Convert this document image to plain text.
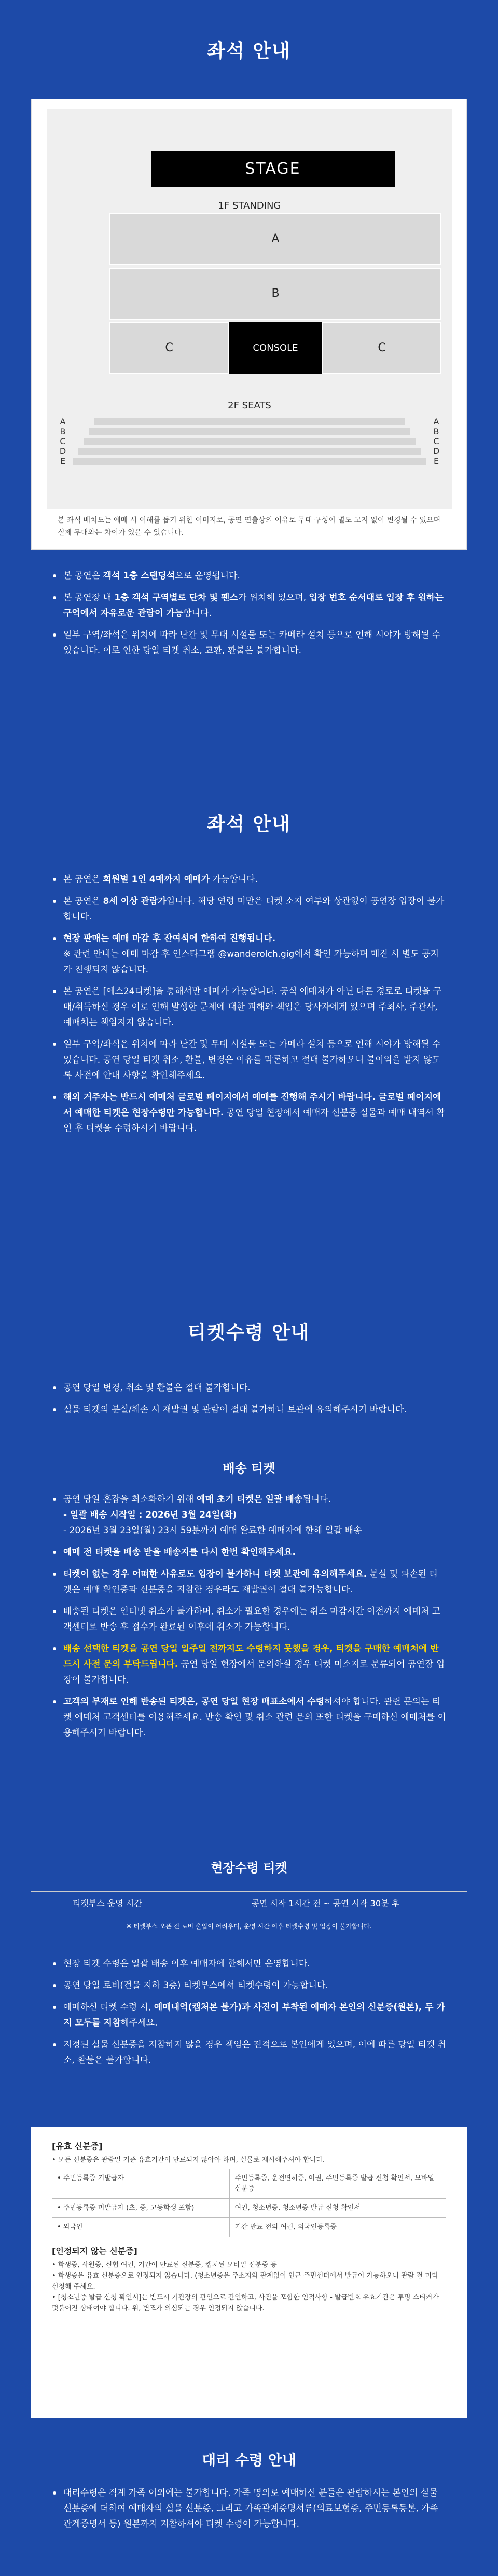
좌석 안내
STAGE
1F STANDING
A
B
C	CONSOLE	C
2F SEATS
A
B
C
D
E
A
B
C
D
E
본 좌석 배치도는 예매 시 이해를 돕기 위한 이미지로, 공연 연출상의 이유로 무대 구성이 별도 고지 없이 변경될 수 있으며 실제 무대와는 차이가 있을 수 있습니다.
본 공연은 객석 1층 스탠딩석으로 운영됩니다.
본 공연장 내 1층 객석 구역별로 단차 및 펜스가 위치해 있으며, 입장 번호 순서대로 입장 후 원하는 구역에서 자유로운 관람이 가능합니다.
일부 구역/좌석은 위치에 따라 난간 및 무대 시설물 또는 카메라 설치 등으로 인해 시야가 방해될 수 있습니다. 이로 인한 당일 티켓 취소, 교환, 환불은 불가합니다.
좌석 안내
본 공연은 회원별 1인 4매까지 예매가 가능합니다.
본 공연은 8세 이상 관람가입니다. 해당 연령 미만은 티켓 소지 여부와 상관없이 공연장 입장이 불가합니다.
현장 판매는 예매 마감 후 잔여석에 한하여 진행됩니다.
※ 관련 안내는 예매 마감 후 인스타그램 @wanderolch.gig에서 확인 가능하며 매진 시 별도 공지가 진행되지 않습니다.
본 공연은 [예스24티켓]을 통해서만 예매가 가능합니다. 공식 예매처가 아닌 다른 경로로 티켓을 구매/취득하신 경우 이로 인해 발생한 문제에 대한 피해와 책임은 당사자에게 있으며 주최사, 주관사, 예매처는 책임지지 않습니다.
일부 구역/좌석은 위치에 따라 난간 및 무대 시설물 또는 카메라 설치 등으로 인해 시야가 방해될 수 있습니다. 공연 당일 티켓 취소, 환불, 변경은 이유를 막론하고 절대 불가하오니 불이익을 받지 않도록 사전에 안내 사항을 확인해주세요.
해외 거주자는 반드시 예매처 글로벌 페이지에서 예매를 진행해 주시기 바랍니다. 글로벌 페이지에서 예매한 티켓은 현장수령만 가능합니다. 공연 당일 현장에서 예매자 신분증 실물과 예매 내역서 확인 후 티켓을 수령하시기 바랍니다.
티켓수령 안내
공연 당일 변경, 취소 및 환불은 절대 불가합니다.
실물 티켓의 분실/훼손 시 재발권 및 관람이 절대 불가하니 보관에 유의해주시기 바랍니다.
배송 티켓
공연 당일 혼잡을 최소화하기 위해 예매 초기 티켓은 일괄 배송됩니다.
- 일괄 배송 시작일 : 2026년 3월 24일(화)
- 2026년 3월 23일(월) 23시 59분까지 예매 완료한 예매자에 한해 일괄 배송
예매 전 티켓을 배송 받을 배송지를 다시 한번 확인해주세요.
티켓이 없는 경우 어떠한 사유로도 입장이 불가하니 티켓 보관에 유의해주세요. 분실 및 파손된 티켓은 예매 확인증과 신분증을 지참한 경우라도 재발권이 절대 불가능합니다.
배송된 티켓은 인터넷 취소가 불가하며, 취소가 필요한 경우에는 취소 마감시간 이전까지 예매처 고객센터로 반송 후 접수가 완료된 이후에 취소가 가능합니다.
배송 선택한 티켓을 공연 당일 일주일 전까지도 수령하지 못했을 경우, 티켓을 구매한 예매처에 반드시 사전 문의 부탁드립니다. 공연 당일 현장에서 문의하실 경우 티켓 미소지로 분류되어 공연장 입장이 불가합니다.
고객의 부재로 인해 반송된 티켓은, 공연 당일 현장 매표소에서 수령하셔야 합니다. 관련 문의는 티켓 예매처 고객센터를 이용해주세요. 반송 확인 및 취소 관련 문의 또한 티켓을 구매하신 예매처를 이용해주시기 바랍니다.
현장수령 티켓
티켓부스 운영 시간	공연 시작 1시간 전 ~ 공연 시작 30분 후
※ 티켓부스 오픈 전 로비 출입이 어려우며, 운영 시간 이후 티켓수령 및 입장이 불가합니다.
현장 티켓 수령은 일괄 배송 이후 예매자에 한해서만 운영합니다.
공연 당일 로비(건물 지하 3층) 티켓부스에서 티켓수령이 가능합니다.
예매하신 티켓 수령 시, 예매내역(캡처본 불가)과 사진이 부착된 예매자 본인의 신분증(원본), 두 가지 모두를 지참해주세요.
지정된 실물 신분증을 지참하지 않을 경우 책임은 전적으로 본인에게 있으며, 이에 따른 당일 티켓 취소, 환불은 불가합니다.
[유효 신분증]

• 모든 신분증은 관람일 기준 유효기간이 만료되지 않아야 하며, 실물로 제시해주셔야 합니다.

• 주민등록증 기발급자	주민등록증, 운전면허증, 여권, 주민등록증 발급 신청 확인서, 모바일 신분증
• 주민등록증 미발급자 (초, 중, 고등학생 포함)	여권, 청소년증, 청소년증 발급 신청 확인서
• 외국인	기간 만료 전의 여권, 외국인등록증
[인정되지 않는 신분증]

• 학생증, 사원증, 신협 여권, 기간이 만료된 신분증, 캡처된 모바일 신분증 등

• 학생증은 유효 신분증으로 인정되지 않습니다. (청소년증은 주소지와 관계없이 인근 주민센터에서 발급이 가능하오니 관람 전 미리 신청해 주세요.

• [청소년증 발급 신청 확인서]는 반드시 기관장의 관인으로 간인하고, 사진을 포함한 인적사항 - 발급번호 유효기간은 투명 스티커가 덧붙어진 상태여야 합니다. 위, 변조가 의심되는 경우 인정되지 않습니다.

대리 수령 안내
대리수령은 직계 가족 이외에는 불가합니다. 가족 명의로 예매하신 분들은 관람하시는 본인의 실물 신분증에 더하여 예매자의 실물 신분증, 그리고 가족관계증명서류(의료보험증, 주민등록등본, 가족관계증명서 등) 원본까지 지참하셔야 티켓 수령이 가능합니다.
